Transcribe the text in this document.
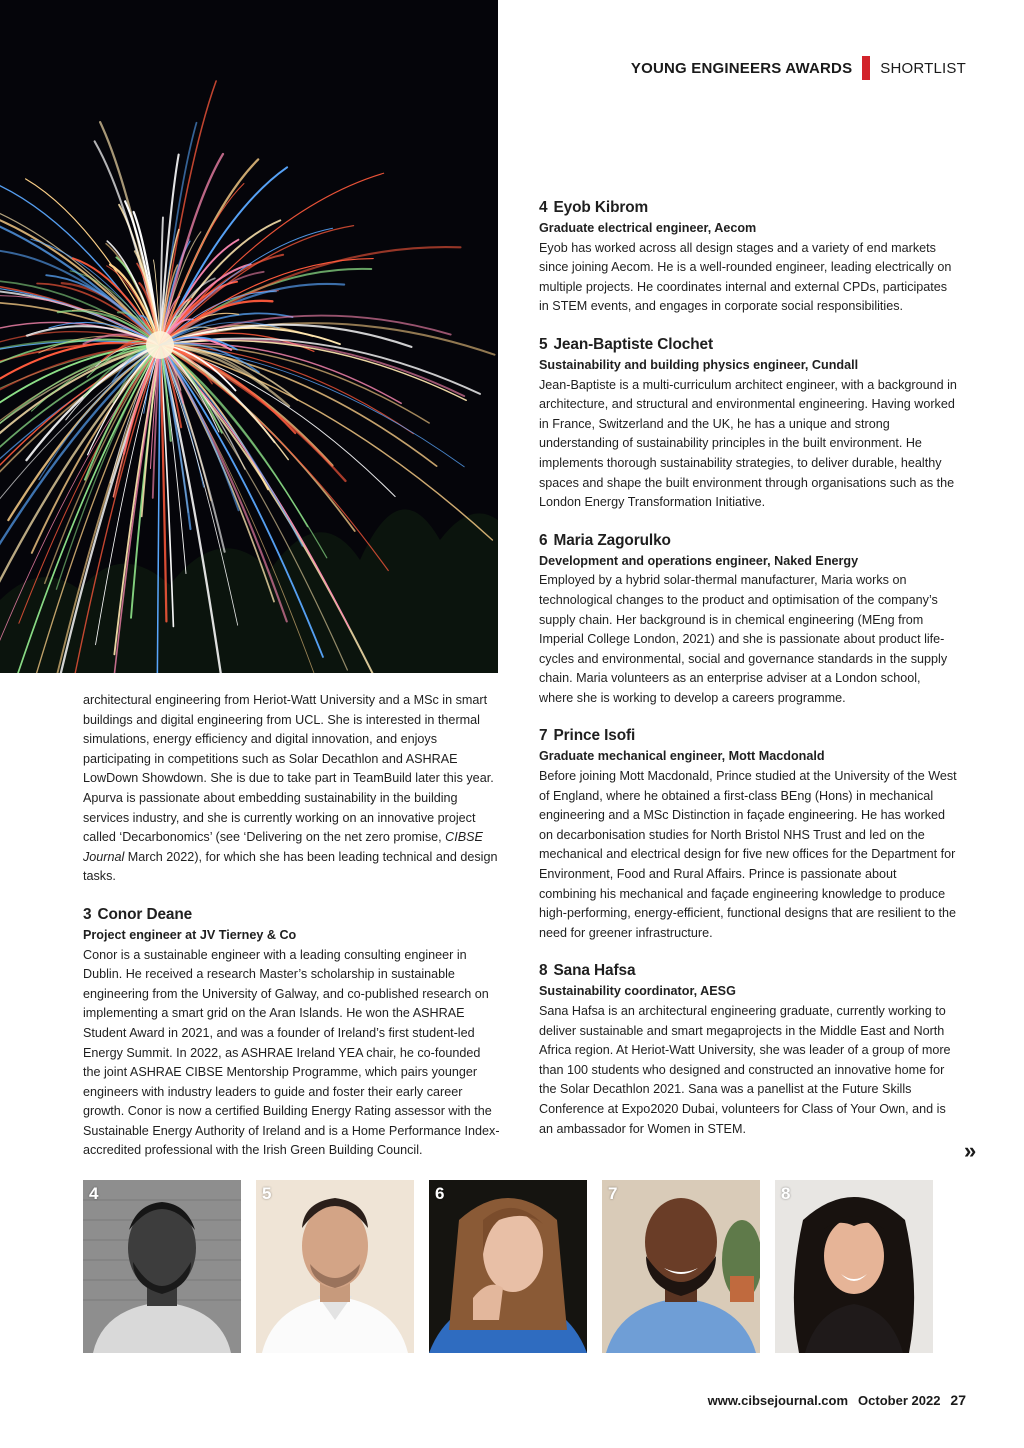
YOUNG ENGINEERS AWARDS SHORTLIST

architectural engineering from Heriot-Watt University and a MSc in smart buildings and digital engineering from UCL. She is interested in thermal simulations, energy efficiency and digital innovation, and enjoys participating in competitions such as Solar Decathlon and ASHRAE LowDown Showdown. She is due to take part in TeamBuild later this year. Apurva is passionate about embedding sustainability in the building services industry, and she is currently working on an innovative project called ‘Decarbonomics’ (see ‘Delivering on the net zero promise, CIBSE Journal March 2022), for which she has been leading technical and design tasks.

3 Conor Deane
Project engineer at JV Tierney & Co

Conor is a sustainable engineer with a leading consulting engineer in Dublin. He received a research Master’s scholarship in sustainable engineering from the University of Galway, and co-published research on implementing a smart grid on the Aran Islands. He won the ASHRAE Student Award in 2021, and was a founder of Ireland’s first student-led Energy Summit. In 2022, as ASHRAE Ireland YEA chair, he co-founded the joint ASHRAE CIBSE Mentorship Programme, which pairs younger engineers with industry leaders to guide and foster their early career growth. Conor is now a certified Building Energy Rating assessor with the Sustainable Energy Authority of Ireland and is a Home Performance Index-accredited professional with the Irish Green Building Council.

4 Eyob Kibrom
Graduate electrical engineer, Aecom

Eyob has worked across all design stages and a variety of end markets since joining Aecom. He is a well-rounded engineer, leading electrically on multiple projects. He coordinates internal and external CPDs, participates in STEM events, and engages in corporate social responsibilities.

5 Jean-Baptiste Clochet
Sustainability and building physics engineer, Cundall

Jean-Baptiste is a multi-curriculum architect engineer, with a background in architecture, and structural and environmental engineering. Having worked in France, Switzerland and the UK, he has a unique and strong understanding of sustainability principles in the built environment. He implements thorough sustainability strategies, to deliver durable, healthy spaces and shape the built environment through organisations such as the London Energy Transformation Initiative.

6 Maria Zagorulko
Development and operations engineer, Naked Energy

Employed by a hybrid solar-thermal manufacturer, Maria works on technological changes to the product and optimisation of the company’s supply chain. Her background is in chemical engineering (MEng from Imperial College London, 2021) and she is passionate about product life-cycles and environmental, social and governance standards in the supply chain. Maria volunteers as an enterprise adviser at a London school, where she is working to develop a careers programme.

7 Prince Isofi
Graduate mechanical engineer, Mott Macdonald

Before joining Mott Macdonald, Prince studied at the University of the West of England, where he obtained a first-class BEng (Hons) in mechanical engineering and a MSc Distinction in façade engineering. He has worked on decarbonisation studies for North Bristol NHS Trust and led on the mechanical and electrical design for five new offices for the Department for Environment, Food and Rural Affairs. Prince is passionate about combining his mechanical and façade engineering knowledge to produce high-performing, energy-efficient, functional designs that are resilient to the need for greener infrastructure.

8 Sana Hafsa
Sustainability coordinator, AESG

Sana Hafsa is an architectural engineering graduate, currently working to deliver sustainable and smart megaprojects in the Middle East and North Africa region. At Heriot-Watt University, she was leader of a group of more than 100 students who designed and constructed an innovative home for the Solar Decathlon 2021. Sana was a panellist at the Future Skills Conference at Expo2020 Dubai, volunteers for Class of Your Own, and is an ambassador for Women in STEM.

»
4	5	6	7	8
www.cibsejournal.com October 2022 27
